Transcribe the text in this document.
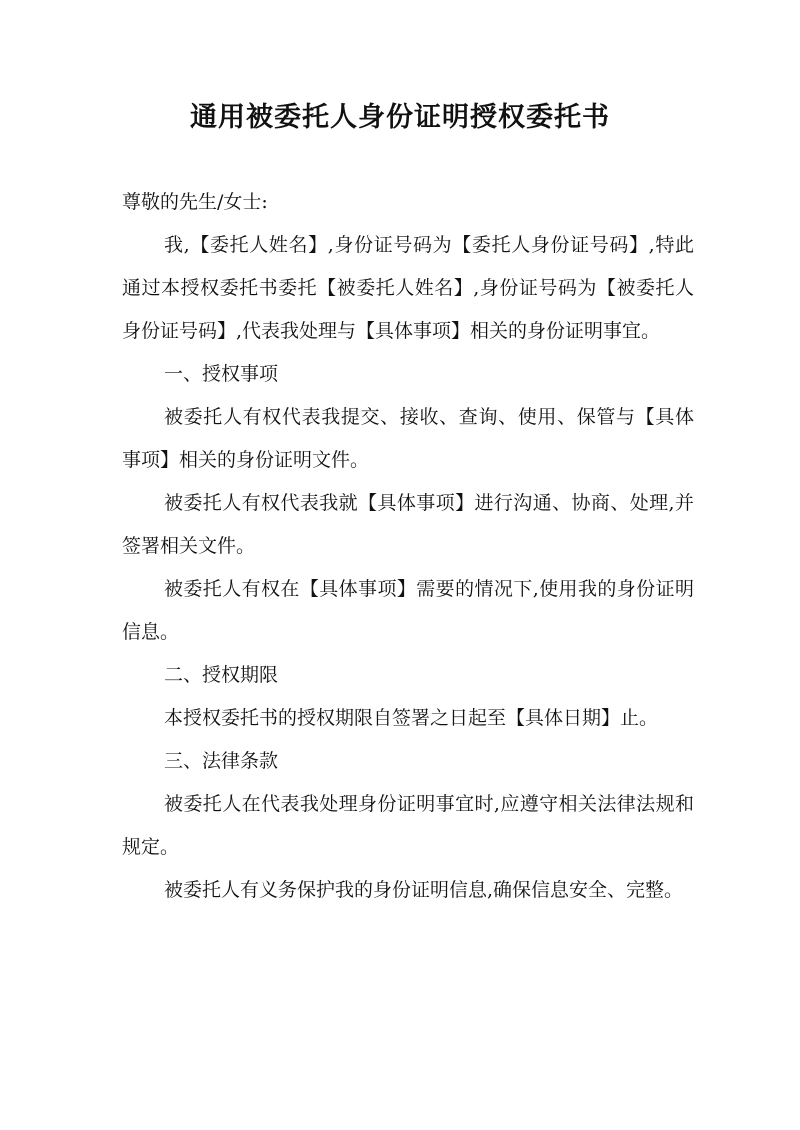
通用被委托人身份证明授权委托书

尊敬的先生/女士:

我,【委托人姓名】,身份证号码为【委托人身份证号码】,特此通过本授权委托书委托【被委托人姓名】,身份证号码为【被委托人身份证号码】,代表我处理与【具体事项】相关的身份证明事宜。

一、授权事项

被委托人有权代表我提交、接收、查询、使用、保管与【具体事项】相关的身份证明文件。

被委托人有权代表我就【具体事项】进行沟通、协商、处理,并签署相关文件。

被委托人有权在【具体事项】需要的情况下,使用我的身份证明信息。

二、授权期限

本授权委托书的授权期限自签署之日起至【具体日期】止。

三、法律条款

被委托人在代表我处理身份证明事宜时,应遵守相关法律法规和规定。

被委托人有义务保护我的身份证明信息,确保信息安全、完整。
